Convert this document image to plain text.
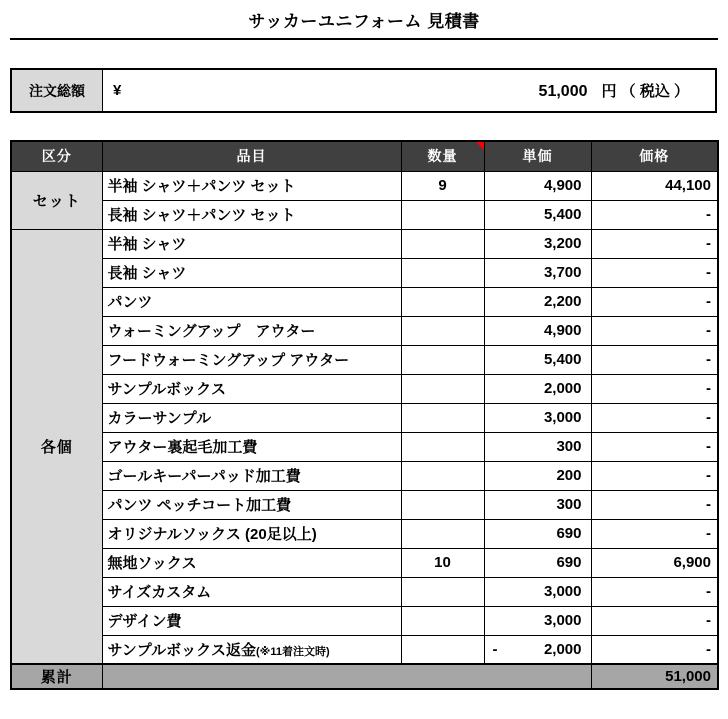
サッカーユニフォーム 見積書
注文総額	¥	51,000 円 （ 税込 ）
区分	品目	数量	単価	価格
セット	半袖 シャツ＋パンツ セット	9	4,900	44,100
	長袖 シャツ＋パンツ セット		5,400	-
各個	半袖 シャツ		3,200	-
	長袖 シャツ		3,700	-
	パンツ		2,200	-
	ウォーミングアップ　アウター		4,900	-
	フードウォーミングアップ アウター		5,400	-
	サンプルボックス		2,000	-
	カラーサンプル		3,000	-
	アウター裏起毛加工費		300	-
	ゴールキーパーパッド加工費		200	-
	パンツ ペッチコート加工費		300	-
	オリジナルソックス (20足以上)		690	-
	無地ソックス	10	690	6,900
	サイズカスタム		3,000	-
	デザイン費		3,000	-
	サンプルボックス返金(※11着注文時)		- 2,000	-
累計				51,000
